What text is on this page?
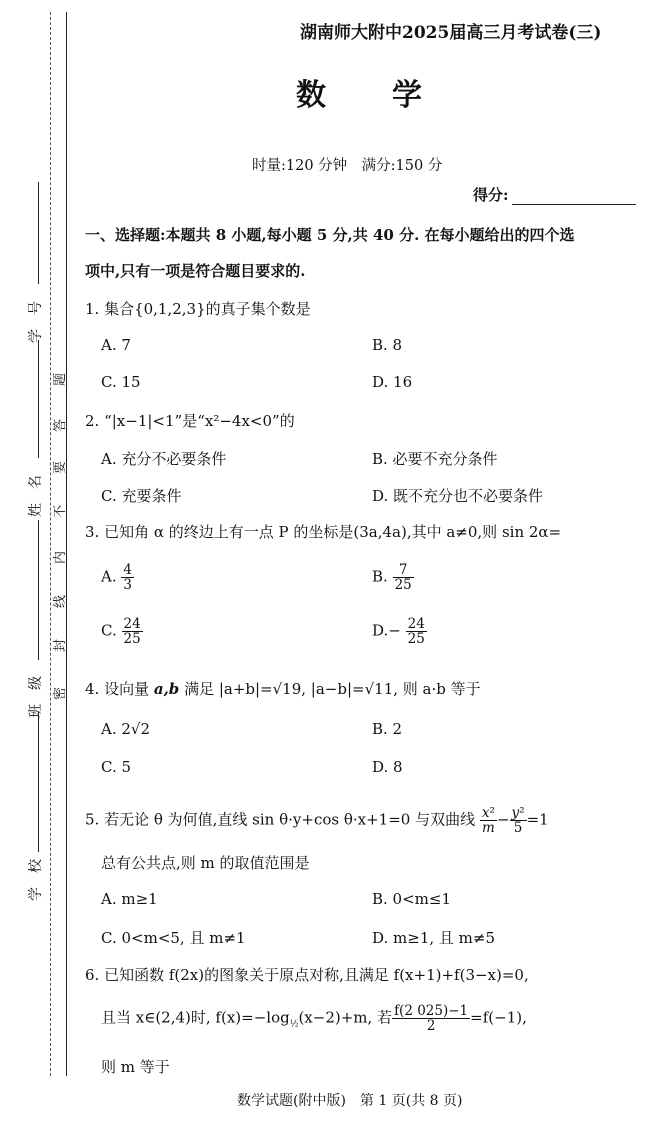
学　号
姓　名
班　级
学　校
题
答
要
不
内
线
封
密
湖南师大附中2025届高三月考试卷(三)
数　　学
时量:120 分钟　满分:150 分
得分:
一、选择题:本题共 8 小题,每小题 5 分,共 40 分. 在每小题给出的四个选
项中,只有一项是符合题目要求的.
1. 集合{0,1,2,3}的真子集个数是
A. 7	B. 8
C. 15	D. 16
2. “|x−1|<1”是“x²−4x<0”的
A. 充分不必要条件	B. 必要不充分条件
C. 充要条件	D. 既不充分也不必要条件
3. 已知角 α 的终边上有一点 P 的坐标是(3a,4a),其中 a≠0,则 sin 2α=
A. $\frac{4}{3}$	B. $\frac{7}{25}$
C. $\frac{24}{25}$	$D.- \frac{24}{25}$
4. 设向量 a,b 满足 |a+b|=√19, |a−b|=√11, 则 a·b 等于
A. 2√2	B. 2
C. 5	D. 8
5. 若无论 θ 为何值,直线 sin θ·y+cos θ·x+1=0 与双曲线 $\frac{\text{x²}}{m} - \frac{\text{y²}}{5} =1$
总有公共点,则 m 的取值范围是
A. m≥1	B. 0<m≤1
C. 0<m<5, 且 m≠1	D. m≥1, 且 m≠5
6. 已知函数 f(2x)的图象关于原点对称,且满足 f(x+1)+f(3−x)=0,
且当 x∈(2,4)时, $f(x)=-\log_{\frac{1}{2}}(x-2)+m$, 若 $\frac{f(2 025)-1}{2} =f(-1)$,
则 m 等于
数学试题(附中版)　第 1 页(共 8 页)
